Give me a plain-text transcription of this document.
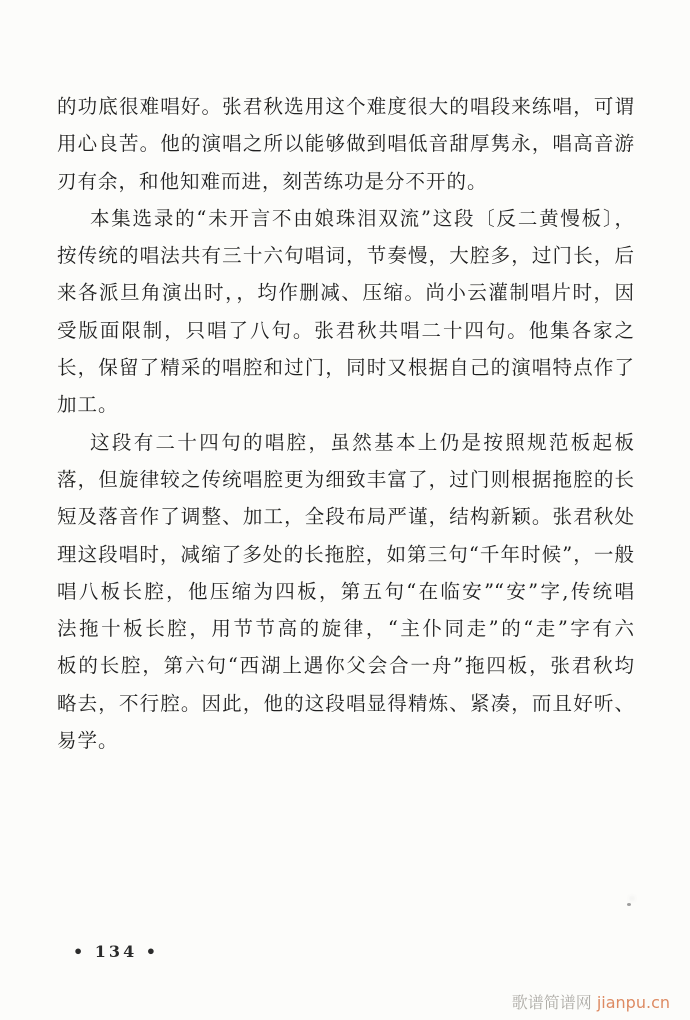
的功底很难唱好。张君秋选用这个难度很大的唱段来练唱，可谓

用心良苦。他的演唱之所以能够做到唱低音甜厚隽永，唱高音游

刃有余，和他知难而进，刻苦练功是分不开的。

本集选录的“未开言不由娘珠泪双流”这段〔反二黄慢板〕，

按传统的唱法共有三十六句唱词，节奏慢，大腔多，过门长，后

来各派旦角演出时，，均作删减、压缩。尚小云灌制唱片时，因

受版面限制，只唱了八句。张君秋共唱二十四句。他集各家之

长，保留了精采的唱腔和过门，同时又根据自己的演唱特点作了

加工。

这段有二十四句的唱腔，虽然基本上仍是按照规范板起板

落，但旋律较之传统唱腔更为细致丰富了，过门则根据拖腔的长

短及落音作了调整、加工，全段布局严谨，结构新颖。张君秋处

理这段唱时，减缩了多处的长拖腔，如第三句“千年时候”，一般

唱八板长腔，他压缩为四板，第五句“在临安”“安”字,传统唱

法拖十板长腔，用节节高的旋律，“主仆同走”的“走”字有六

板的长腔，第六句“西湖上遇你父会合一舟”拖四板，张君秋均

略去，不行腔。因此，他的这段唱显得精炼、紧凑，而且好听、

易学。

• 134 •
歌谱简谱网 jianpu.cn
